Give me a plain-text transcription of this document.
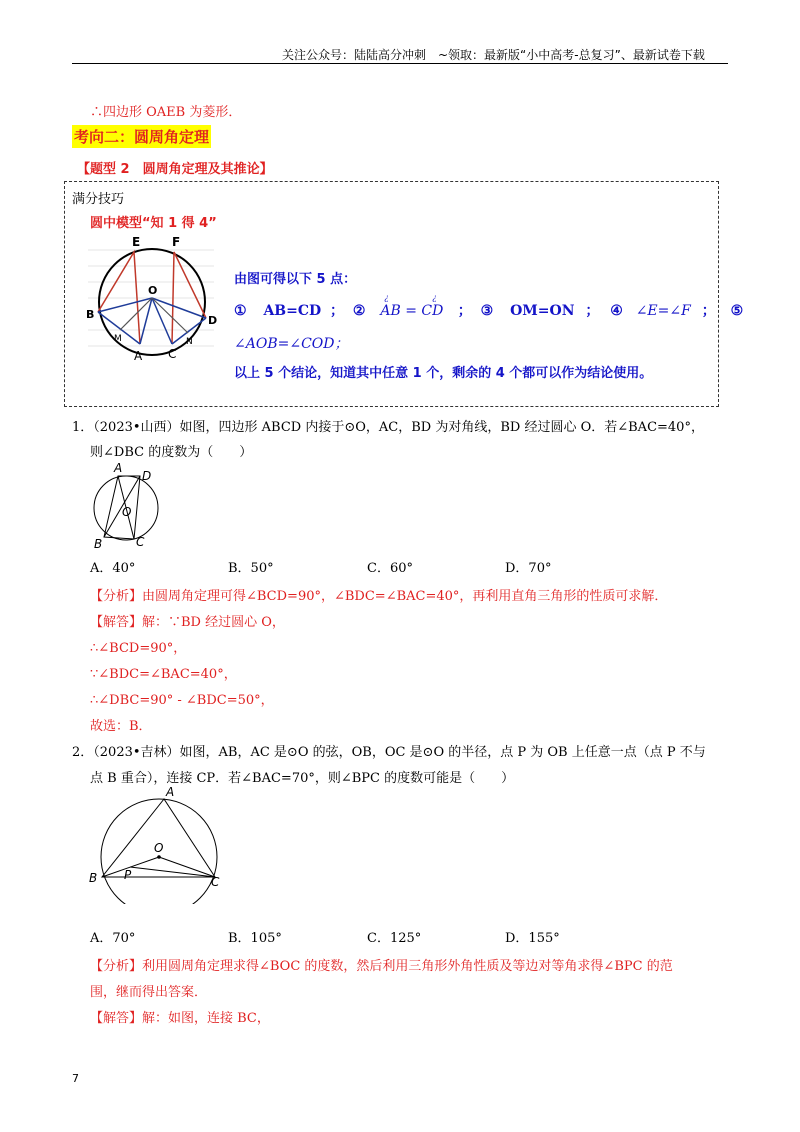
关注公众号：陆陆高分冲刺　~领取：最新版“小中高考-总复习”、最新试卷下载
∴四边形 OAEB 为菱形．
考向二：圆周角定理
【题型 2　圆周角定理及其推论】
满分技巧
圆中模型“知 1 得 4”
E	F
O
B	D
M	N
A C
由图可得以下 5 点：
① AB=CD ； ②
¿	¿
AB = CD ； ③ OM=ON ； ④ ∠E=∠F ； ⑤
∠AOB=∠COD；
以上 5 个结论，知道其中任意 1 个，剩余的 4 个都可以作为结论使用。
1．（2023•山西）如图，四边形 ABCD 内接于⊙O，AC，BD 为对角线，BD 经过圆心 O．若∠BAC=40°，
则∠DBC 的度数为（　　）
A
D
O
B	C
A．40°	B．50°	C．60°	D．70°
【分析】由圆周角定理可得∠BCD=90°，∠BDC=∠BAC=40°，再利用直角三角形的性质可求解．
【解答】解：∵BD 经过圆心 O，
∴∠BCD=90°，
∵∠BDC=∠BAC=40°，
∴∠DBC=90° - ∠BDC=50°，
故选：B．
2．（2023•吉林）如图，AB，AC 是⊙O 的弦，OB，OC 是⊙O 的半径，点 P 为 OB 上任意一点（点 P 不与
点 B 重合），连接 CP．若∠BAC=70°，则∠BPC 的度数可能是（　　）
A
O
B P	C
A．70°	B．105°	C．125°	D．155°
【分析】利用圆周角定理求得∠BOC 的度数，然后利用三角形外角性质及等边对等角求得∠BPC 的范
围，继而得出答案．
【解答】解：如图，连接 BC，
7
